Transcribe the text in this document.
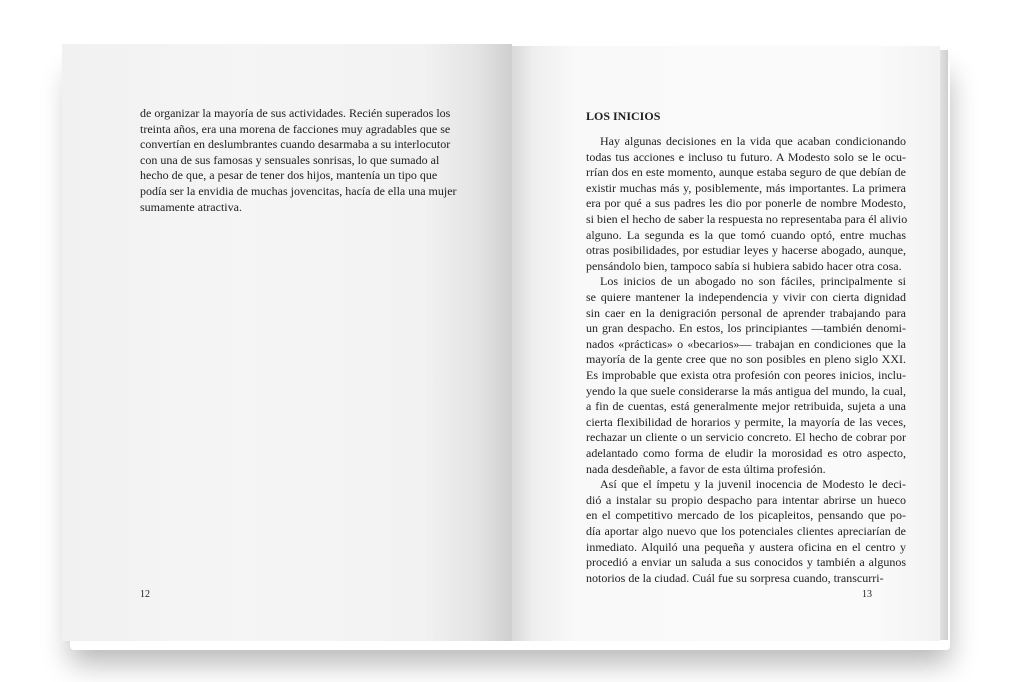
de organizar la mayoría de sus actividades. Recién superados los
treinta años, era una morena de facciones muy agradables que se
convertían en deslumbrantes cuando desarmaba a su interlocutor
con una de sus famosas y sensuales sonrisas, lo que sumado al
hecho de que, a pesar de tener dos hijos, mantenía un tipo que
podía ser la envidia de muchas jovencitas, hacía de ella una mujer
sumamente atractiva.
LOS INICIOS
Hay algunas decisiones en la vida que acaban condicionando
todas tus acciones e incluso tu futuro. A Modesto solo se le ocu-
rrían dos en este momento, aunque estaba seguro de que debían de
existir muchas más y, posiblemente, más importantes. La primera
era por qué a sus padres les dio por ponerle de nombre Modesto,
si bien el hecho de saber la respuesta no representaba para él alivio
alguno. La segunda es la que tomó cuando optó, entre muchas
otras posibilidades, por estudiar leyes y hacerse abogado, aunque,
pensándolo bien, tampoco sabía si hubiera sabido hacer otra cosa.
Los inicios de un abogado no son fáciles, principalmente si
se quiere mantener la independencia y vivir con cierta dignidad
sin caer en la denigración personal de aprender trabajando para
un gran despacho. En estos, los principiantes —también denomi-
nados «prácticas» o «becarios»— trabajan en condiciones que la
mayoría de la gente cree que no son posibles en pleno siglo XXI.
Es improbable que exista otra profesión con peores inicios, inclu-
yendo la que suele considerarse la más antigua del mundo, la cual,
a fin de cuentas, está generalmente mejor retribuida, sujeta a una
cierta flexibilidad de horarios y permite, la mayoría de las veces,
rechazar un cliente o un servicio concreto. El hecho de cobrar por
adelantado como forma de eludir la morosidad es otro aspecto,
nada desdeñable, a favor de esta última profesión.
Así que el ímpetu y la juvenil inocencia de Modesto le deci-
dió a instalar su propio despacho para intentar abrirse un hueco
en el competitivo mercado de los picapleitos, pensando que po-
día aportar algo nuevo que los potenciales clientes apreciarían de
inmediato. Alquiló una pequeña y austera oficina en el centro y
procedió a enviar un saluda a sus conocidos y también a algunos
notorios de la ciudad. Cuál fue su sorpresa cuando, transcurri-
12	13
